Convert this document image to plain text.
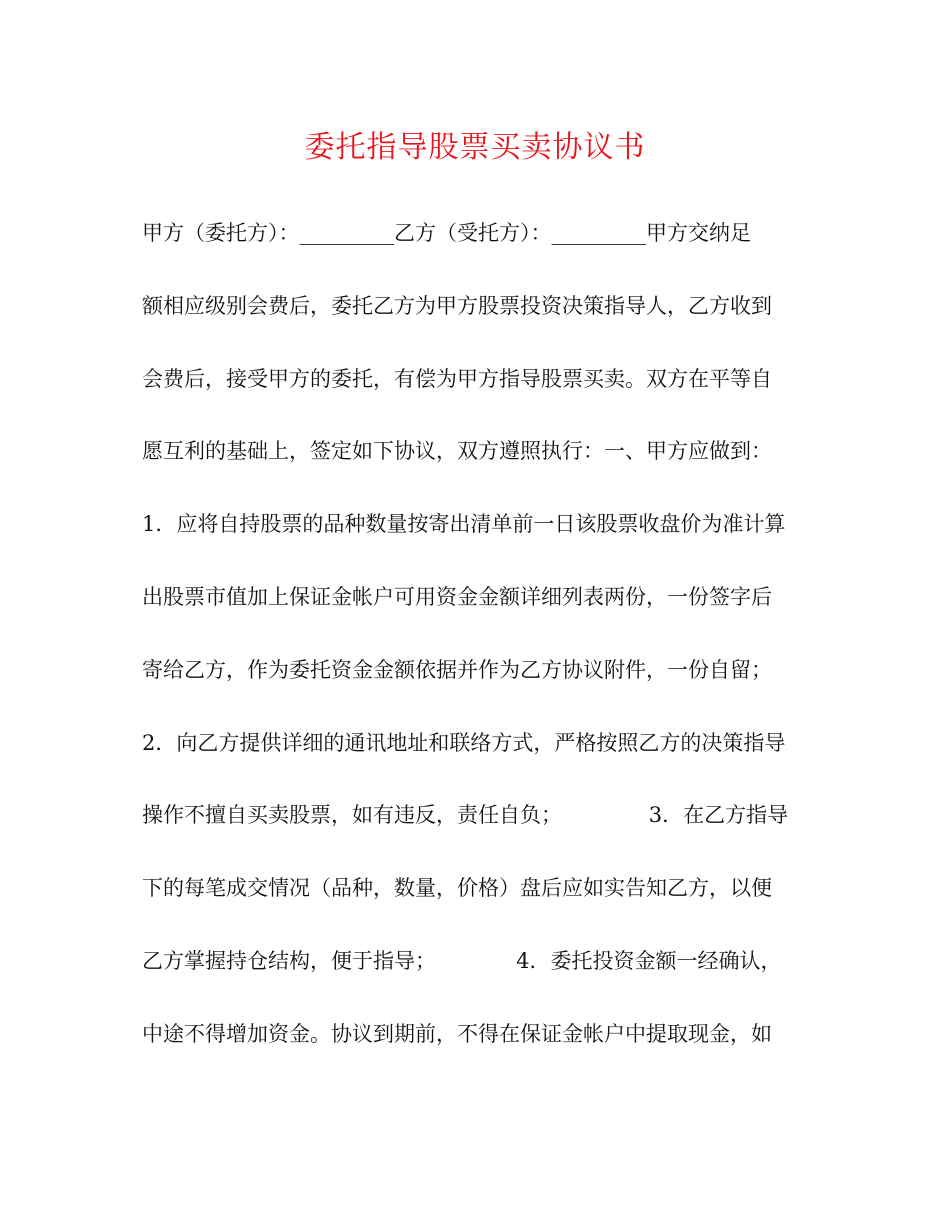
委托指导股票买卖协议书
甲方（委托方）：_________乙方（受托方）：_________甲方交纳足
额相应级别会费后，委托乙方为甲方股票投资决策指导人，乙方收到
会费后，接受甲方的委托，有偿为甲方指导股票买卖。双方在平等自
愿互利的基础上，签定如下协议，双方遵照执行：一、甲方应做到：
1．应将自持股票的品种数量按寄出清单前一日该股票收盘价为准计算
出股票市值加上保证金帐户可用资金金额详细列表两份，一份签字后
寄给乙方，作为委托资金金额依据并作为乙方协议附件，一份自留；
2．向乙方提供详细的通讯地址和联络方式，严格按照乙方的决策指导
操作不擅自买卖股票，如有违反，责任自负；             3．在乙方指导
下的每笔成交情况（品种，数量，价格）盘后应如实告知乙方，以便
乙方掌握持仓结构，便于指导；            4．委托投资金额一经确认，
中途不得增加资金。协议到期前，不得在保证金帐户中提取现金，如
